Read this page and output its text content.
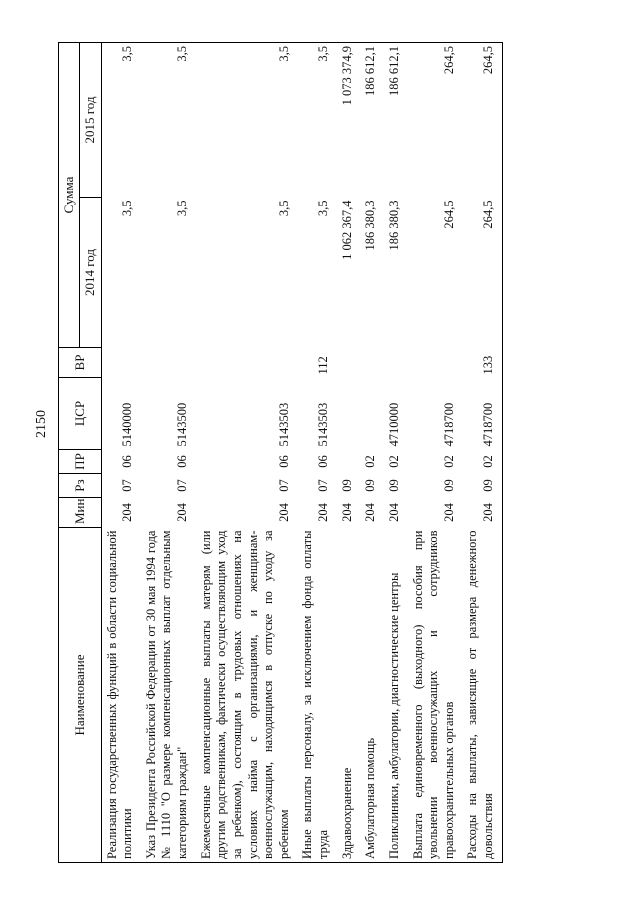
2150
Наименование	Мин	Рз	ПР	ЦСР	ВР	Сумма	
						2014 год	2015 год
Реализация государственных функций в области социальной политики	204	07	06	5140000		3,5	3,5
Указ Президента Российской Федерации от 30 мая 1994 года № 1110 "О размере компенсационных выплат отдельным категориям граждан"	204	07	06	5143500		3,5	3,5
Ежемесячные компенсационные выплаты матерям (или другим родственникам, фактически осуществляющим уход за ребенком), состоящим в трудовых отношениях на условиях найма с организациями, и женщинам-военнослужащим, находящимся в отпуске по уходу за ребенком	204	07	06	5143503		3,5	3,5
Иные выплаты персоналу, за исключением фонда оплаты труда	204	07	06	5143503	112	3,5	3,5
Здравоохранение	204	09				1 062 367,4	1 073 374,9
Амбулаторная помощь	204	09	02			186 380,3	186 612,1
Поликлиники, амбулатории, диагностические центры	204	09	02	4710000		186 380,3	186 612,1
Выплата единовременного (выходного) пособия при увольнении военнослужащих и сотрудников правоохранительных органов	204	09	02	4718700		264,5	264,5
Расходы на выплаты, зависящие от размера денежного довольствия	204	09	02	4718700	133	264,5	264,5
